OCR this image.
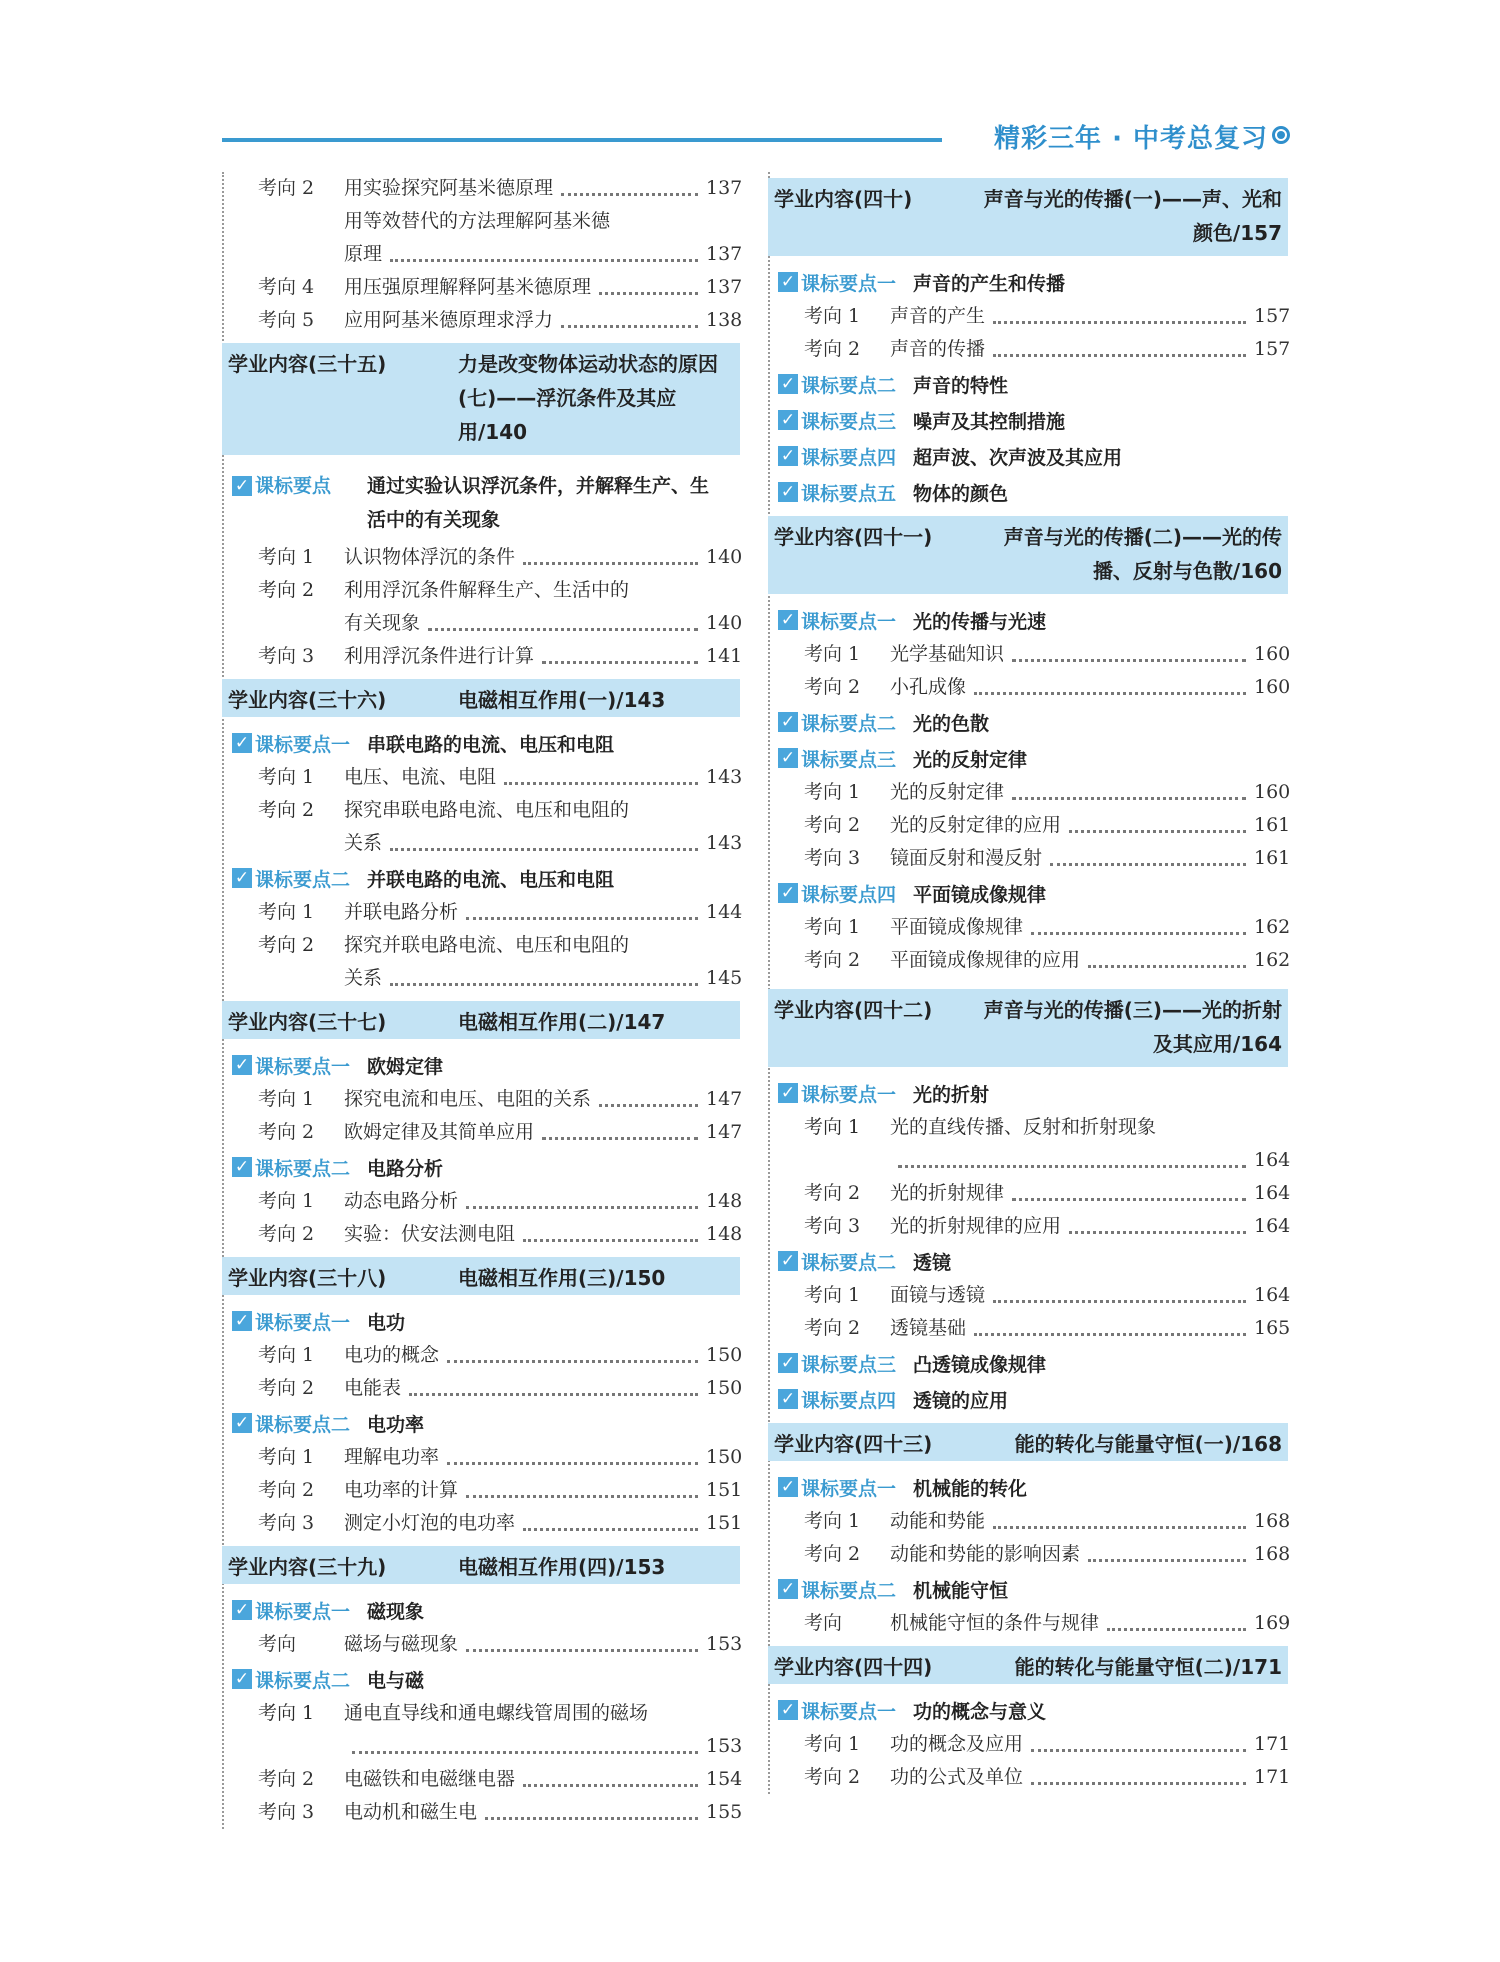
精彩三年 · 中考总复习
考向 2	用实验探究阿基米德原理	137
用等效替代的方法理解阿基米德
原理	137
考向 4	用压强原理解释阿基米德原理	137
考向 5	应用阿基米德原理求浮力	138
学业内容(三十五)	力是改变物体运动状态的原因(七)——浮沉条件及其应用/140
✓ 课标要点	通过实验认识浮沉条件，并解释生产、生活中的有关现象
考向 1	认识物体浮沉的条件	140
考向 2 利用浮沉条件解释生产、生活中的
有关现象	140
考向 3	利用浮沉条件进行计算	141
学业内容(三十六)	电磁相互作用(一)/143
✓ 课标要点一 串联电路的电流、电压和电阻
考向 1	电压、电流、电阻	143
考向 2 探究串联电路电流、电压和电阻的
关系	143
✓ 课标要点二 并联电路的电流、电压和电阻
考向 1	并联电路分析	144
考向 2 探究并联电路电流、电压和电阻的
关系	145
学业内容(三十七)	电磁相互作用(二)/147
✓ 课标要点一 欧姆定律
考向 1	探究电流和电压、电阻的关系	147
考向 2	欧姆定律及其简单应用	147
✓ 课标要点二 电路分析
考向 1	动态电路分析	148
考向 2	实验：伏安法测电阻	148
学业内容(三十八)	电磁相互作用(三)/150
✓ 课标要点一 电功
考向 1	电功的概念	150
考向 2	电能表	150
✓ 课标要点二 电功率
考向 1	理解电功率	150
考向 2	电功率的计算	151
考向 3	测定小灯泡的电功率	151
学业内容(三十九)	电磁相互作用(四)/153
✓ 课标要点一 磁现象
考向	磁场与磁现象	153
✓ 课标要点二 电与磁
考向 1 通电直导线和通电螺线管周围的磁场
153
考向 2	电磁铁和电磁继电器	154
考向 3	电动机和磁生电	155
学业内容(四十)	声音与光的传播(一)——声、光和颜色/157
✓ 课标要点一 声音的产生和传播
考向 1	声音的产生	157
考向 2	声音的传播	157
✓ 课标要点二 声音的特性
✓ 课标要点三 噪声及其控制措施
✓ 课标要点四 超声波、次声波及其应用
✓ 课标要点五 物体的颜色
学业内容(四十一)	声音与光的传播(二)——光的传播、反射与色散/160
✓ 课标要点一 光的传播与光速
考向 1	光学基础知识	160
考向 2	小孔成像	160
✓ 课标要点二 光的色散
✓ 课标要点三 光的反射定律
考向 1	光的反射定律	160
考向 2	光的反射定律的应用	161
考向 3	镜面反射和漫反射	161
✓ 课标要点四 平面镜成像规律
考向 1	平面镜成像规律	162
考向 2	平面镜成像规律的应用	162
学业内容(四十二)	声音与光的传播(三)——光的折射及其应用/164
✓ 课标要点一 光的折射
考向 1 光的直线传播、反射和折射现象
164
考向 2	光的折射规律	164
考向 3	光的折射规律的应用	164
✓ 课标要点二 透镜
考向 1	面镜与透镜	164
考向 2	透镜基础	165
✓ 课标要点三 凸透镜成像规律
✓ 课标要点四 透镜的应用
学业内容(四十三)	能的转化与能量守恒(一)/168
✓ 课标要点一 机械能的转化
考向 1	动能和势能	168
考向 2	动能和势能的影响因素	168
✓ 课标要点二 机械能守恒
考向	机械能守恒的条件与规律	169
学业内容(四十四)	能的转化与能量守恒(二)/171
✓ 课标要点一 功的概念与意义
考向 1	功的概念及应用	171
考向 2	功的公式及单位	171
